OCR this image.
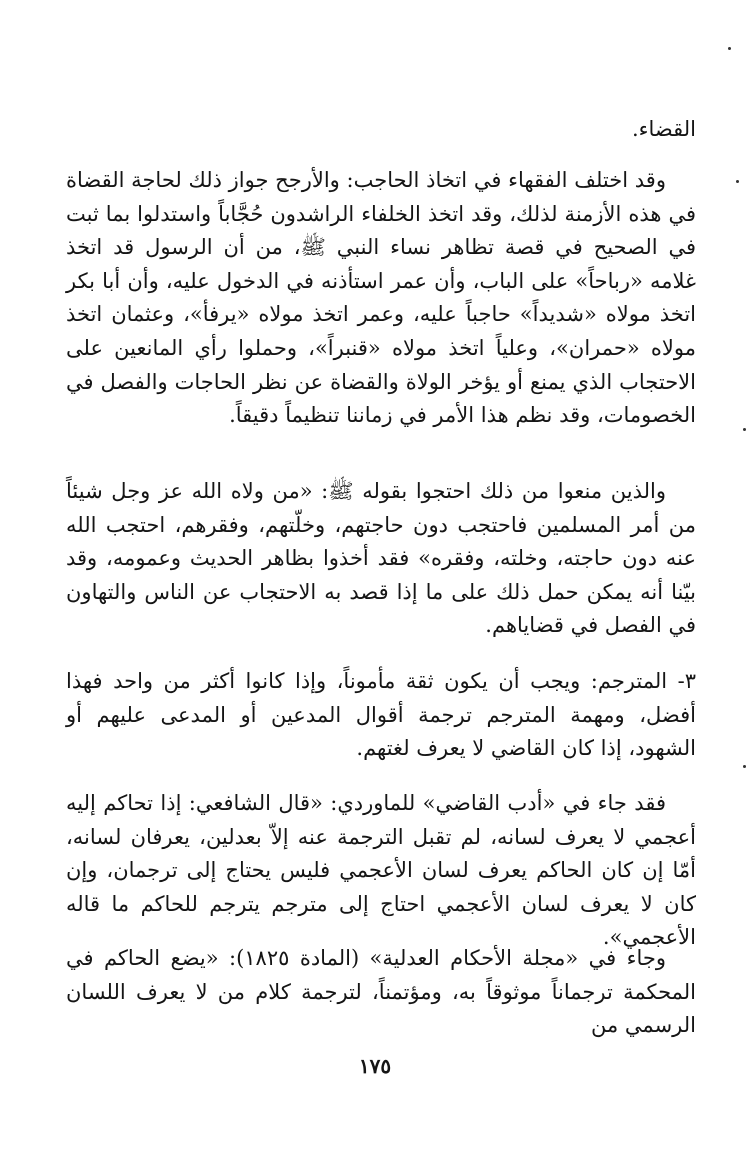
القضاء.

وقد اختلف الفقهاء في اتخاذ الحاجب: والأرجح جواز ذلك لحاجة القضاة في هذه الأزمنة لذلك، وقد اتخذ الخلفاء الراشدون حُجَّاباً واستدلوا بما ثبت في الصحيح في قصة تظاهر نساء النبي ﷺ، من أن الرسول قد اتخذ غلامه «رباحاً» على الباب، وأن عمر استأذنه في الدخول عليه، وأن أبا بكر اتخذ مولاه «شديداً» حاجباً عليه، وعمر اتخذ مولاه «يرفأ»، وعثمان اتخذ مولاه «حمران»، وعلياً اتخذ مولاه «قنبراً»، وحملوا رأي المانعين على الاحتجاب الذي يمنع أو يؤخر الولاة والقضاة عن نظر الحاجات والفصل في الخصومات، وقد نظم هذا الأمر في زماننا تنظيماً دقيقاً.

والذين منعوا من ذلك احتجوا بقوله ﷺ: «من ولاه الله عز وجل شيئاً من أمر المسلمين فاحتجب دون حاجتهم، وخلّتهم، وفقرهم، احتجب الله عنه دون حاجته، وخلته، وفقره» فقد أخذوا بظاهر الحديث وعمومه، وقد بيّنا أنه يمكن حمل ذلك على ما إذا قصد به الاحتجاب عن الناس والتهاون في الفصل في قضاياهم.

٣- المترجم: ويجب أن يكون ثقة مأموناً، وإذا كانوا أكثر من واحد فهذا أفضل، ومهمة المترجم ترجمة أقوال المدعين أو المدعى عليهم أو الشهود، إذا كان القاضي لا يعرف لغتهم.

فقد جاء في «أدب القاضي» للماوردي: «قال الشافعي: إذا تحاكم إليه أعجمي لا يعرف لسانه، لم تقبل الترجمة عنه إلاّ بعدلين، يعرفان لسانه، أمّا إن كان الحاكم يعرف لسان الأعجمي فليس يحتاج إلى ترجمان، وإن كان لا يعرف لسان الأعجمي احتاج إلى مترجم يترجم للحاكم ما قاله الأعجمي».

وجاء في «مجلة الأحكام العدلية» (المادة ١٨٢٥): «يضع الحاكم في المحكمة ترجماناً موثوقاً به، ومؤتمناً، لترجمة كلام من لا يعرف اللسان الرسمي من

١٧٥
